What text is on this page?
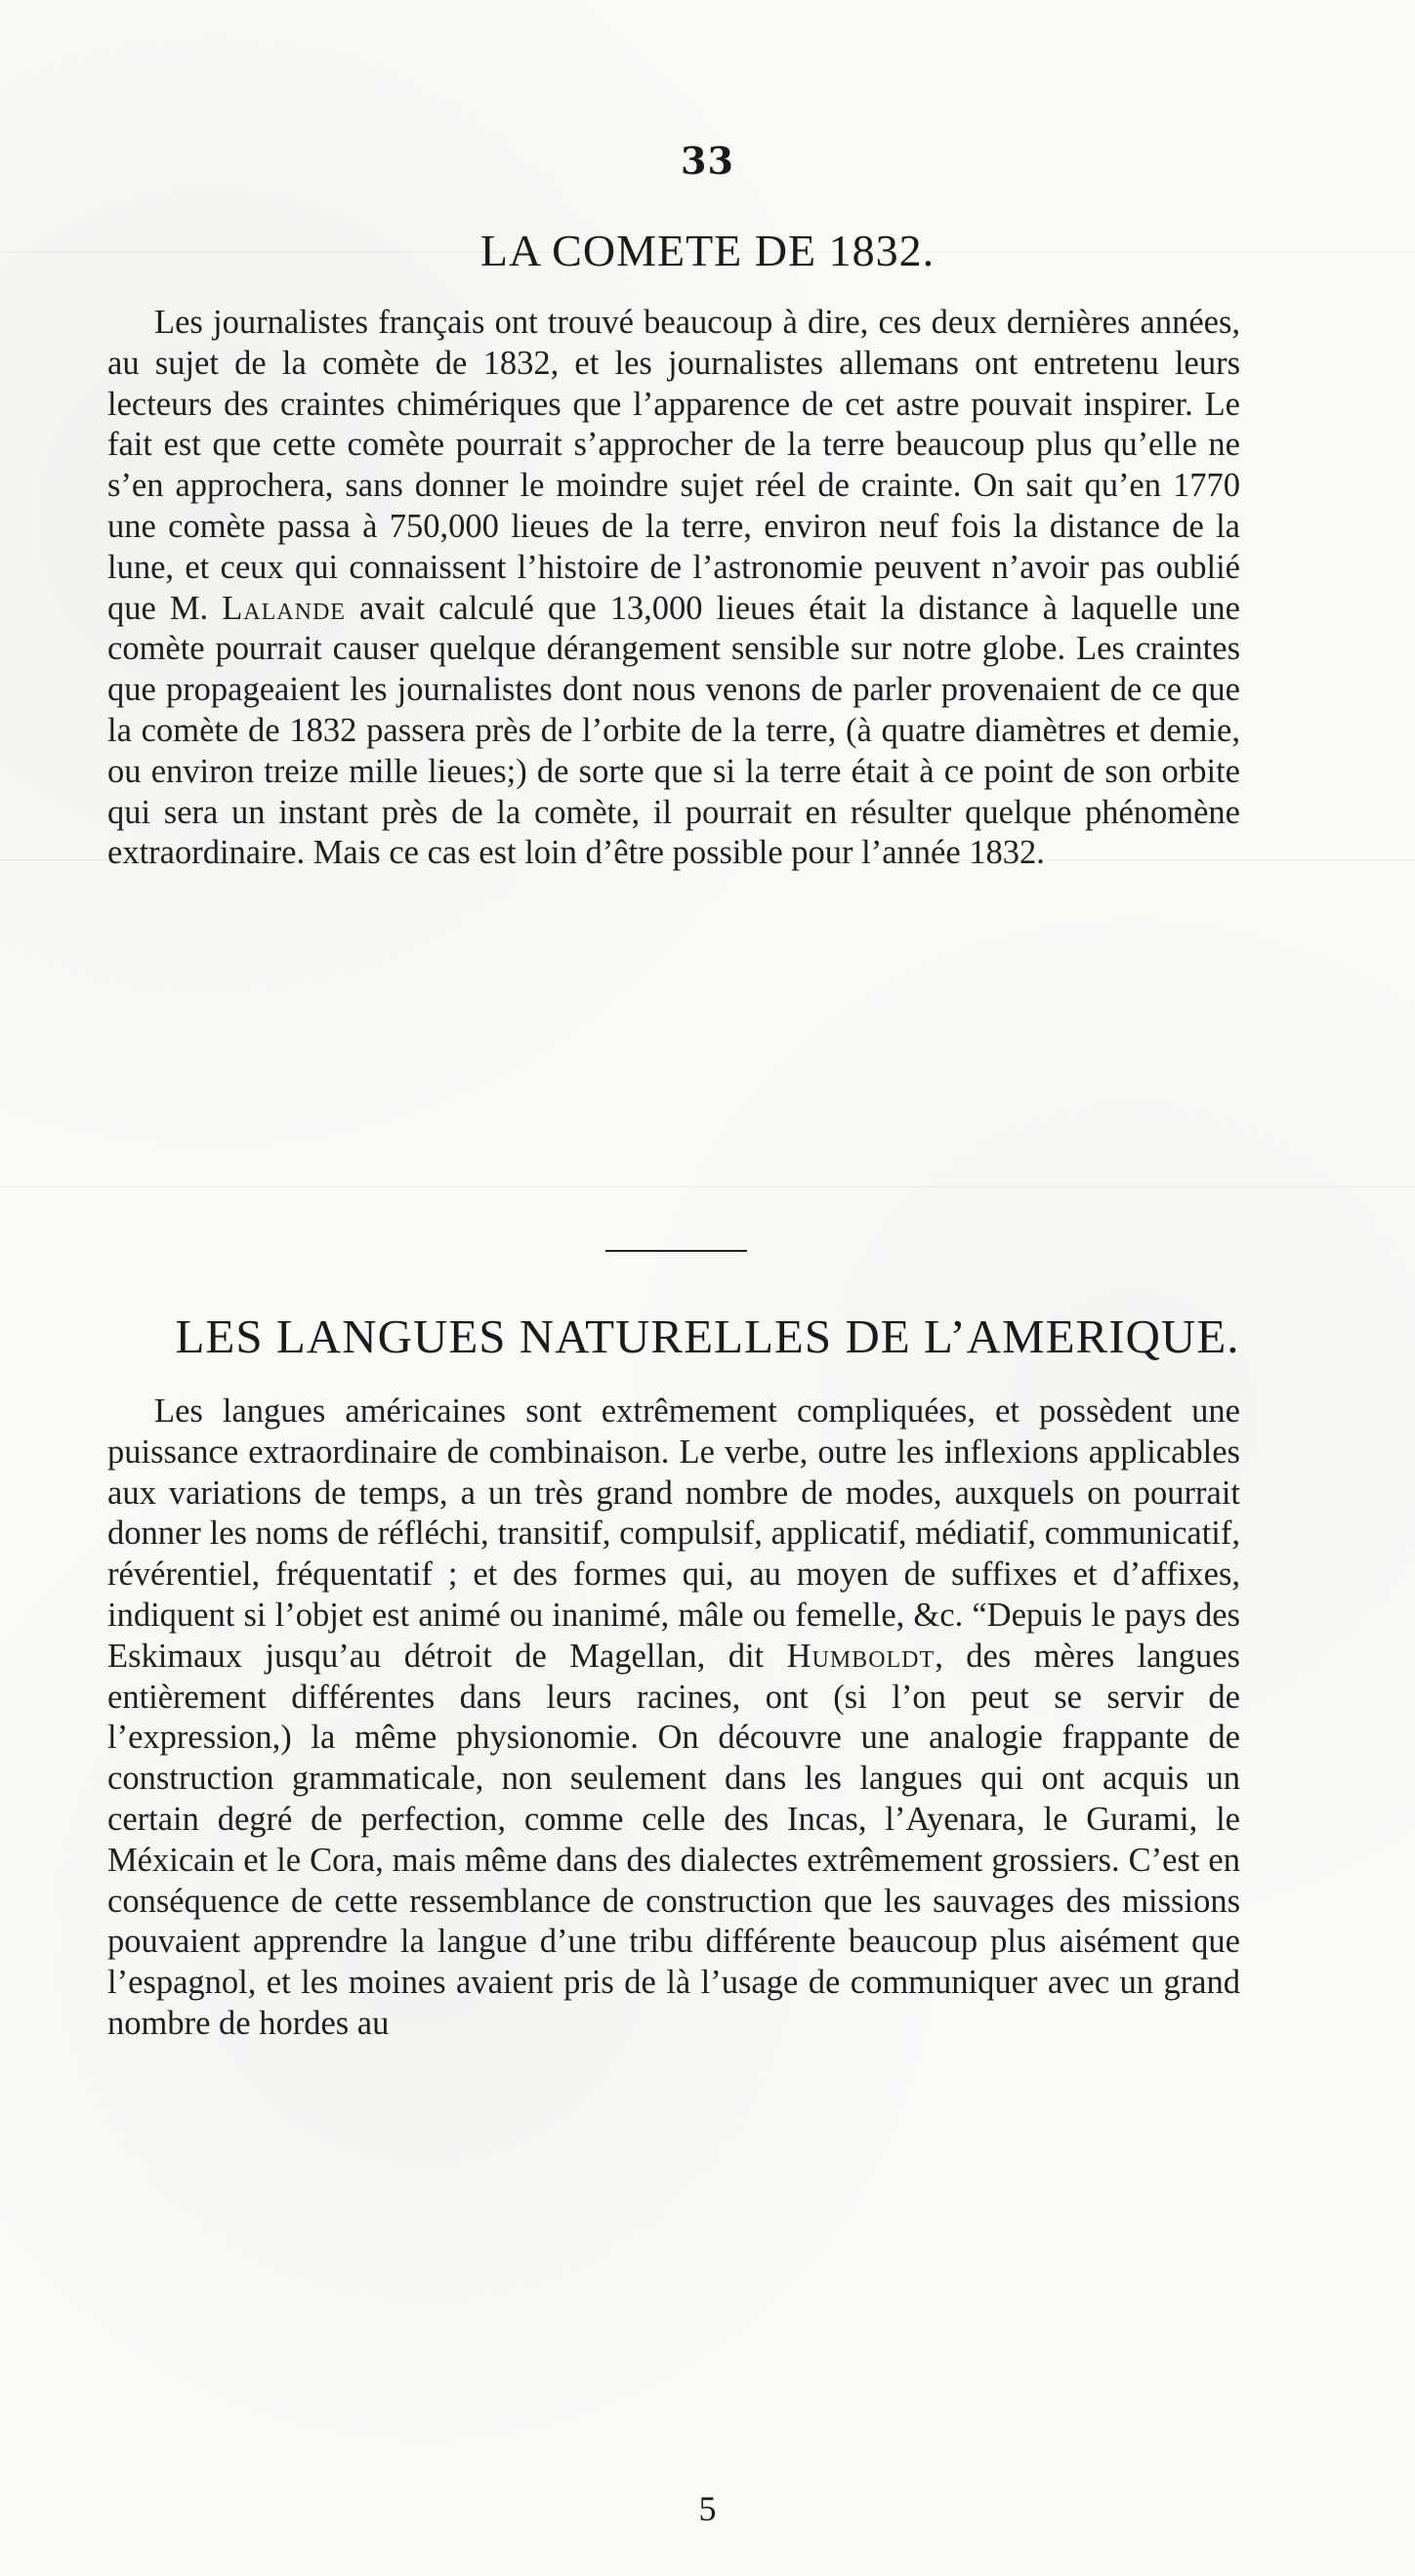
33
LA COMETE DE 1832.

Les journalistes français ont trouvé beaucoup à dire, ces deux dernières années, au sujet de la comète de 1832, et les journalistes allemans ont entretenu leurs lecteurs des craintes chimériques que l’apparence de cet astre pouvait inspirer. Le fait est que cette comète pourrait s’approcher de la terre beaucoup plus qu’elle ne s’en approchera, sans donner le moindre sujet réel de crainte. On sait qu’en 1770 une comète passa à 750,000 lieues de la terre, environ neuf fois la distance de la lune, et ceux qui connaissent l’histoire de l’astronomie peuvent n’avoir pas oublié que M. Lalande avait calculé que 13,000 lieues était la distance à laquelle une comète pourrait causer quelque dérangement sensible sur notre globe. Les craintes que propageaient les journalistes dont nous venons de parler provenaient de ce que la comète de 1832 passera près de l’orbite de la terre, (à quatre diamètres et demie, ou environ treize mille lieues;) de sorte que si la terre était à ce point de son orbite qui sera un instant près de la comète, il pourrait en résulter quelque phénomène extraordinaire. Mais ce cas est loin d’être possible pour l’année 1832.

LES LANGUES NATURELLES DE L’AMERIQUE.

Les langues américaines sont extrêmement compliquées, et possèdent une puissance extraordinaire de combinaison. Le verbe, outre les inflexions applicables aux variations de temps, a un très grand nombre de modes, auxquels on pourrait donner les noms de réfléchi, transitif, compulsif, applicatif, médiatif, communicatif, révérentiel, fréquentatif ; et des formes qui, au moyen de suffixes et d’affixes, indiquent si l’objet est animé ou inanimé, mâle ou femelle, &c. “Depuis le pays des Eskimaux jusqu’au détroit de Magellan, dit Humboldt, des mères langues entièrement différentes dans leurs racines, ont (si l’on peut se servir de l’expression,) la même physionomie. On découvre une analogie frappante de construction grammaticale, non seulement dans les langues qui ont acquis un certain degré de perfection, comme celle des Incas, l’Ayenara, le Gurami, le Méxicain et le Cora, mais même dans des dialectes extrêmement grossiers. C’est en conséquence de cette ressemblance de construction que les sauvages des missions pouvaient apprendre la langue d’une tribu différente beaucoup plus aisément que l’espagnol, et les moines avaient pris de là l’usage de communiquer avec un grand nombre de hordes au

5
